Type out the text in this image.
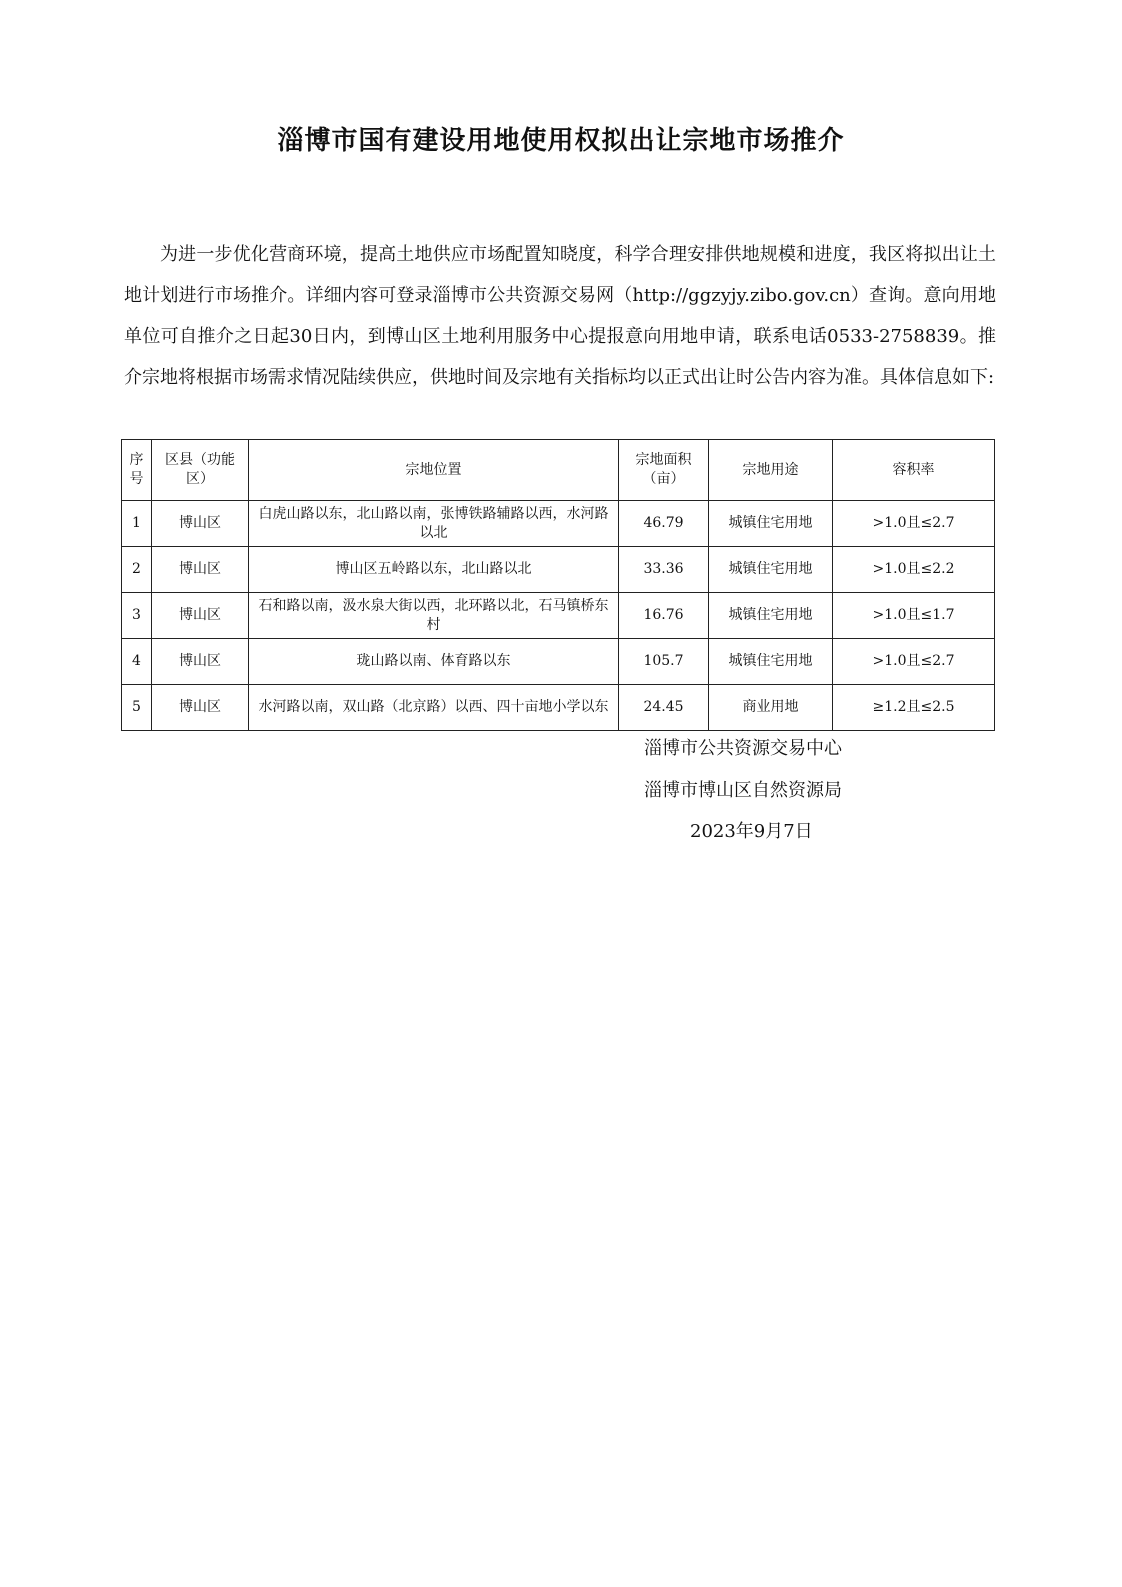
淄博市国有建设用地使用权拟出让宗地市场推介

为进一步优化营商环境，提高土地供应市场配置知晓度，科学合理安排供地规模和进度，我区将拟出让土地计划进行市场推介。详细内容可登录淄博市公共资源交易网（http://ggzyjy.zibo.gov.cn）查询。意向用地单位可自推介之日起30日内，到博山区土地利用服务中心提报意向用地申请，联系电话0533-2758839。推介宗地将根据市场需求情况陆续供应，供地时间及宗地有关指标均以正式出让时公告内容为准。具体信息如下:

序号	区县（功能区）	宗地位置	宗地面积（亩）	宗地用途	容积率
1	博山区	白虎山路以东，北山路以南，张博铁路辅路以西，水河路以北	46.79	城镇住宅用地	>1.0且≤2.7
2	博山区	博山区五岭路以东，北山路以北	33.36	城镇住宅用地	>1.0且≤2.2
3	博山区	石和路以南，汲水泉大街以西，北环路以北，石马镇桥东村	16.76	城镇住宅用地	>1.0且≤1.7
4	博山区	珑山路以南、体育路以东	105.7	城镇住宅用地	>1.0且≤2.7
5	博山区	水河路以南，双山路（北京路）以西、四十亩地小学以东	24.45	商业用地	≥1.2且≤2.5
淄博市公共资源交易中心
淄博市博山区自然资源局
2023年9月7日
